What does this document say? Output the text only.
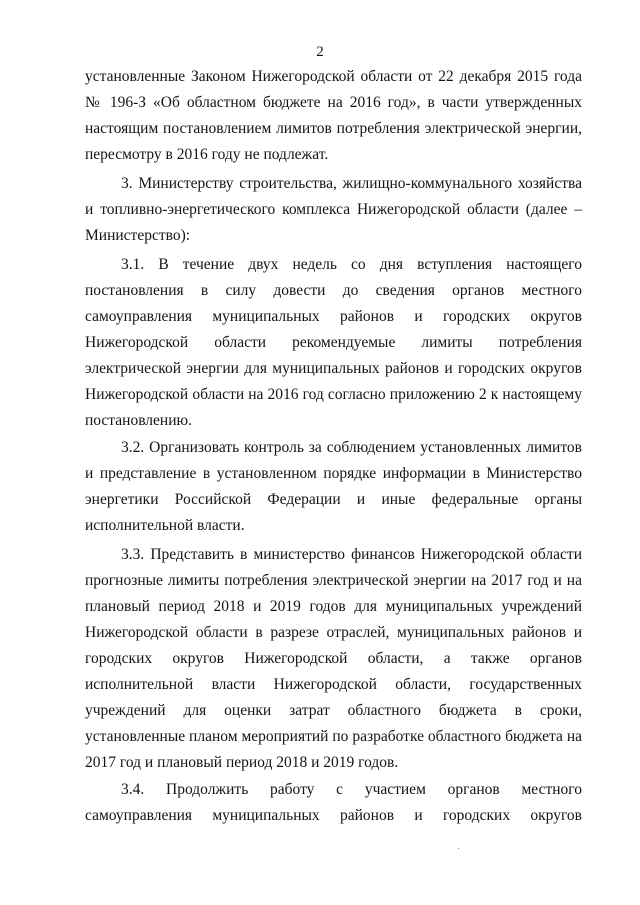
2
установленные Законом Нижегородской области от 22 декабря 2015 года
№ 196-З «Об областном бюджете на 2016 год», в части утвержденных
настоящим постановлением лимитов потребления электрической энергии,
пересмотру в 2016 году не подлежат.
3. Министерству строительства, жилищно-коммунального хозяйства
и топливно-энергетического комплекса Нижегородской области (далее –
Министерство):
3.1. В течение двух недель со дня вступления настоящего
постановления в силу довести до сведения органов местного
самоуправления муниципальных районов и городских округов
Нижегородской области рекомендуемые лимиты потребления
электрической энергии для муниципальных районов и городских округов
Нижегородской области на 2016 год согласно приложению 2 к настоящему
постановлению.
3.2. Организовать контроль за соблюдением установленных лимитов
и представление в установленном порядке информации в Министерство
энергетики Российской Федерации и иные федеральные органы
исполнительной власти.
3.3. Представить в министерство финансов Нижегородской области
прогнозные лимиты потребления электрической энергии на 2017 год и на
плановый период 2018 и 2019 годов для муниципальных учреждений
Нижегородской области в разрезе отраслей, муниципальных районов и
городских округов Нижегородской области, а также органов
исполнительной власти Нижегородской области, государственных
учреждений для оценки затрат областного бюджета в сроки,
установленные планом мероприятий по разработке областного бюджета на
2017 год и плановый период 2018 и 2019 годов.
3.4. Продолжить работу с участием органов местного
самоуправления муниципальных районов и городских округов
